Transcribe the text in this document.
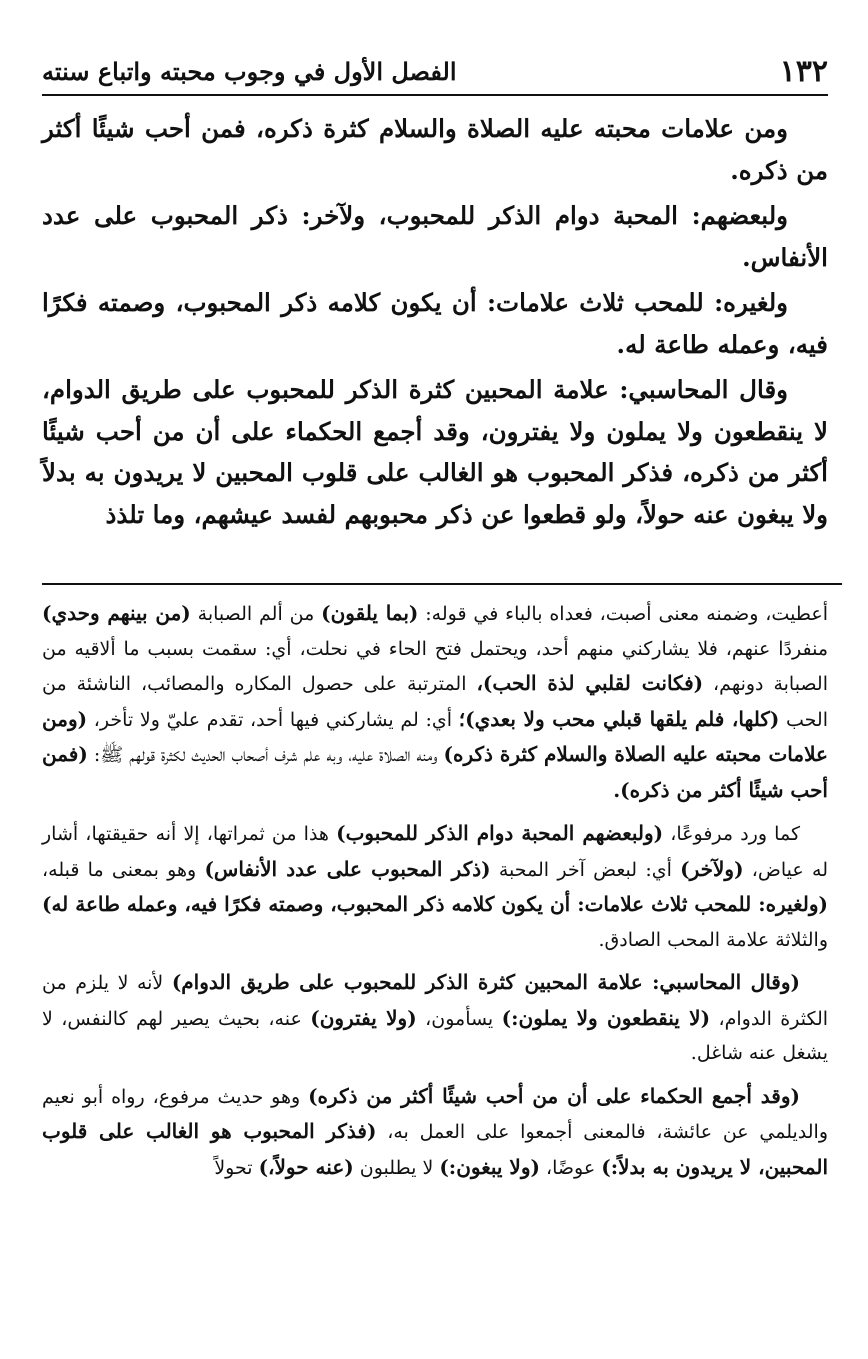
١٣٢
الفصل الأول في وجوب محبته واتباع سنته

ومن علامات محبته عليه الصلاة والسلام كثرة ذكره، فمن أحب شيئًا أكثر من ذكره.

ولبعضهم: المحبة دوام الذكر للمحبوب، ولآخر: ذكر المحبوب على عدد الأنفاس.

ولغيره: للمحب ثلاث علامات: أن يكون كلامه ذكر المحبوب، وصمته فكرًا فيه، وعمله طاعة له.

وقال المحاسبي: علامة المحبين كثرة الذكر للمحبوب على طريق الدوام، لا ينقطعون ولا يملون ولا يفترون، وقد أجمع الحكماء على أن من أحب شيئًا أكثر من ذكره، فذكر المحبوب هو الغالب على قلوب المحبين لا يريدون به بدلاً ولا يبغون عنه حولاً، ولو قطعوا عن ذكر محبوبهم لفسد عيشهم، وما تلذذ

أعطيت، وضمنه معنى أصبت، فعداه بالباء في قوله: (بما يلقون) من ألم الصبابة (من بينهم وحدي) منفردًا عنهم، فلا يشاركني منهم أحد، ويحتمل فتح الحاء في نحلت، أي: سقمت بسبب ما ألاقيه من الصبابة دونهم، (فكانت لقلبي لذة الحب)، المترتبة على حصول المكاره والمصائب، الناشئة من الحب (كلها، فلم يلقها قبلي محب ولا بعدي)؛ أي: لم يشاركني فيها أحد، تقدم عليّ ولا تأخر، (ومن علامات محبته عليه الصلاة والسلام كثرة ذكره) ومنه الصلاة عليه، وبه علم شرف أصحاب الحديث لكثرة قولهم ﷺ: (فمن أحب شيئًا أكثر من ذكره).

كما ورد مرفوعًا، (ولبعضهم المحبة دوام الذكر للمحبوب) هذا من ثمراتها، إلا أنه حقيقتها، أشار له عياض، (ولآخر) أي: لبعض آخر المحبة (ذكر المحبوب على عدد الأنفاس) وهو بمعنى ما قبله، (ولغيره: للمحب ثلاث علامات: أن يكون كلامه ذكر المحبوب، وصمته فكرًا فيه، وعمله طاعة له) والثلاثة علامة المحب الصادق.

(وقال المحاسبي: علامة المحبين كثرة الذكر للمحبوب على طريق الدوام) لأنه لا يلزم من الكثرة الدوام، (لا ينقطعون ولا يملون:) يسأمون، (ولا يفترون) عنه، بحيث يصير لهم كالنفس، لا يشغل عنه شاغل.

(وقد أجمع الحكماء على أن من أحب شيئًا أكثر من ذكره) وهو حديث مرفوع، رواه أبو نعيم والديلمي عن عائشة، فالمعنى أجمعوا على العمل به، (فذكر المحبوب هو الغالب على قلوب المحبين، لا يريدون به بدلاً:) عوضًا، (ولا يبغون:) لا يطلبون (عنه حولاً،) تحولاً
